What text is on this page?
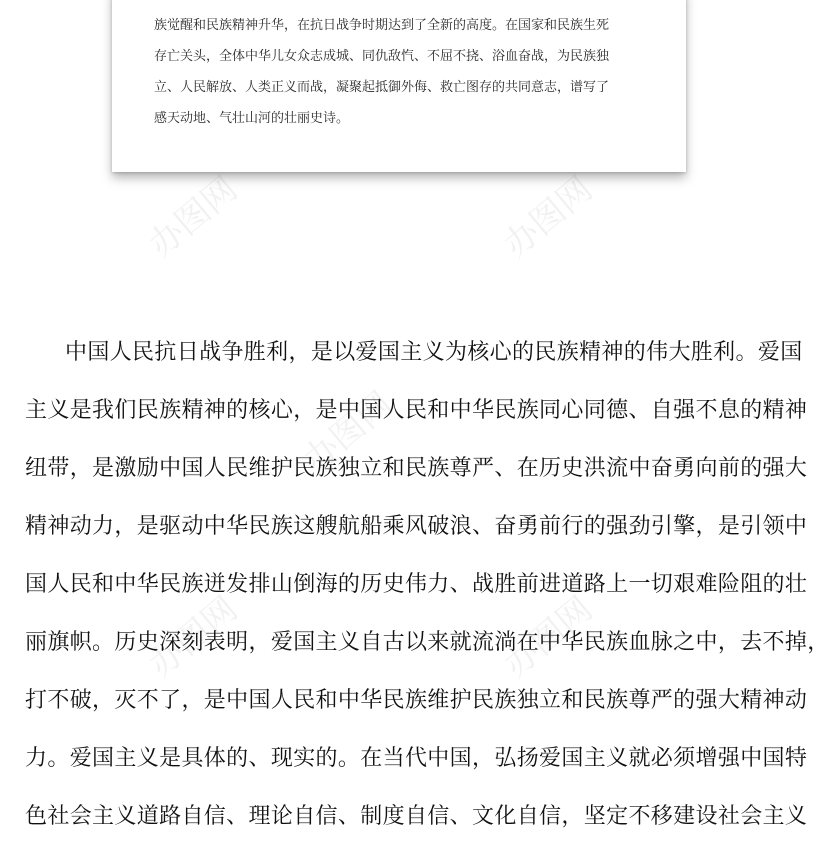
办图网	办图网
办图网
办图网	办图网
族觉醒和民族精神升华，在抗日战争时期达到了全新的高度。在国家和民族生死
存亡关头，全体中华儿女众志成城、同仇敌忾、不屈不挠、浴血奋战，为民族独
立、人民解放、人类正义而战，凝聚起抵御外侮、救亡图存的共同意志，谱写了
感天动地、气壮山河的壮丽史诗。
中国人民抗日战争胜利，是以爱国主义为核心的民族精神的伟大胜利。爱国
主义是我们民族精神的核心，是中国人民和中华民族同心同德、自强不息的精神
纽带，是激励中国人民维护民族独立和民族尊严、在历史洪流中奋勇向前的强大
精神动力，是驱动中华民族这艘航船乘风破浪、奋勇前行的强劲引擎，是引领中
国人民和中华民族迸发排山倒海的历史伟力、战胜前进道路上一切艰难险阻的壮
丽旗帜。历史深刻表明，爱国主义自古以来就流淌在中华民族血脉之中，去不掉，
打不破，灭不了，是中国人民和中华民族维护民族独立和民族尊严的强大精神动
力。爱国主义是具体的、现实的。在当代中国，弘扬爱国主义就必须增强中国特
色社会主义道路自信、理论自信、制度自信、文化自信，坚定不移建设社会主义
